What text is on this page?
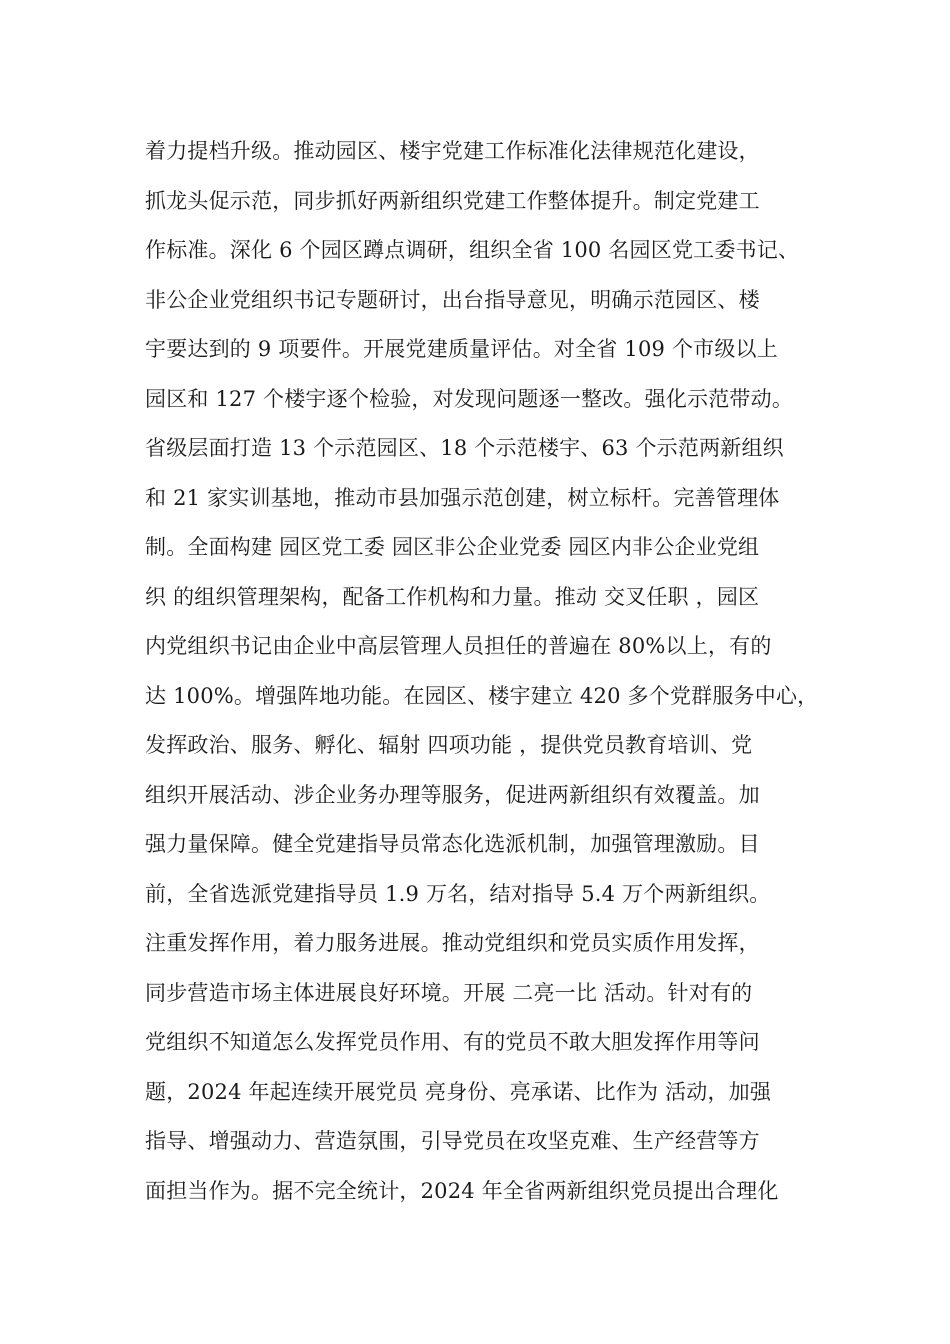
着力提档升级。推动园区、楼宇党建工作标准化法律规范化建设，
抓龙头促示范，同步抓好两新组织党建工作整体提升。制定党建工
作标准。深化 6 个园区蹲点调研，组织全省 100 名园区党工委书记、
非公企业党组织书记专题研讨，出台指导意见，明确示范园区、楼
宇要达到的 9 项要件。开展党建质量评估。对全省 109 个市级以上
园区和 127 个楼宇逐个检验，对发现问题逐一整改。强化示范带动。
省级层面打造 13 个示范园区、18 个示范楼宇、63 个示范两新组织
和 21 家实训基地，推动市县加强示范创建，树立标杆。完善管理体
制。全面构建 园区党工委 园区非公企业党委 园区内非公企业党组
织 的组织管理架构，配备工作机构和力量。推动 交叉任职 ，园区
内党组织书记由企业中高层管理人员担任的普遍在 80%以上，有的
达 100%。增强阵地功能。在园区、楼宇建立 420 多个党群服务中心，
发挥政治、服务、孵化、辐射 四项功能 ，提供党员教育培训、党
组织开展活动、涉企业务办理等服务，促进两新组织有效覆盖。加
强力量保障。健全党建指导员常态化选派机制，加强管理激励。目
前，全省选派党建指导员 1.9 万名，结对指导 5.4 万个两新组织。
注重发挥作用，着力服务进展。推动党组织和党员实质作用发挥，
同步营造市场主体进展良好环境。开展 二亮一比 活动。针对有的
党组织不知道怎么发挥党员作用、有的党员不敢大胆发挥作用等问
题，2024 年起连续开展党员 亮身份、亮承诺、比作为 活动，加强
指导、增强动力、营造氛围，引导党员在攻坚克难、生产经营等方
面担当作为。据不完全统计，2024 年全省两新组织党员提出合理化
